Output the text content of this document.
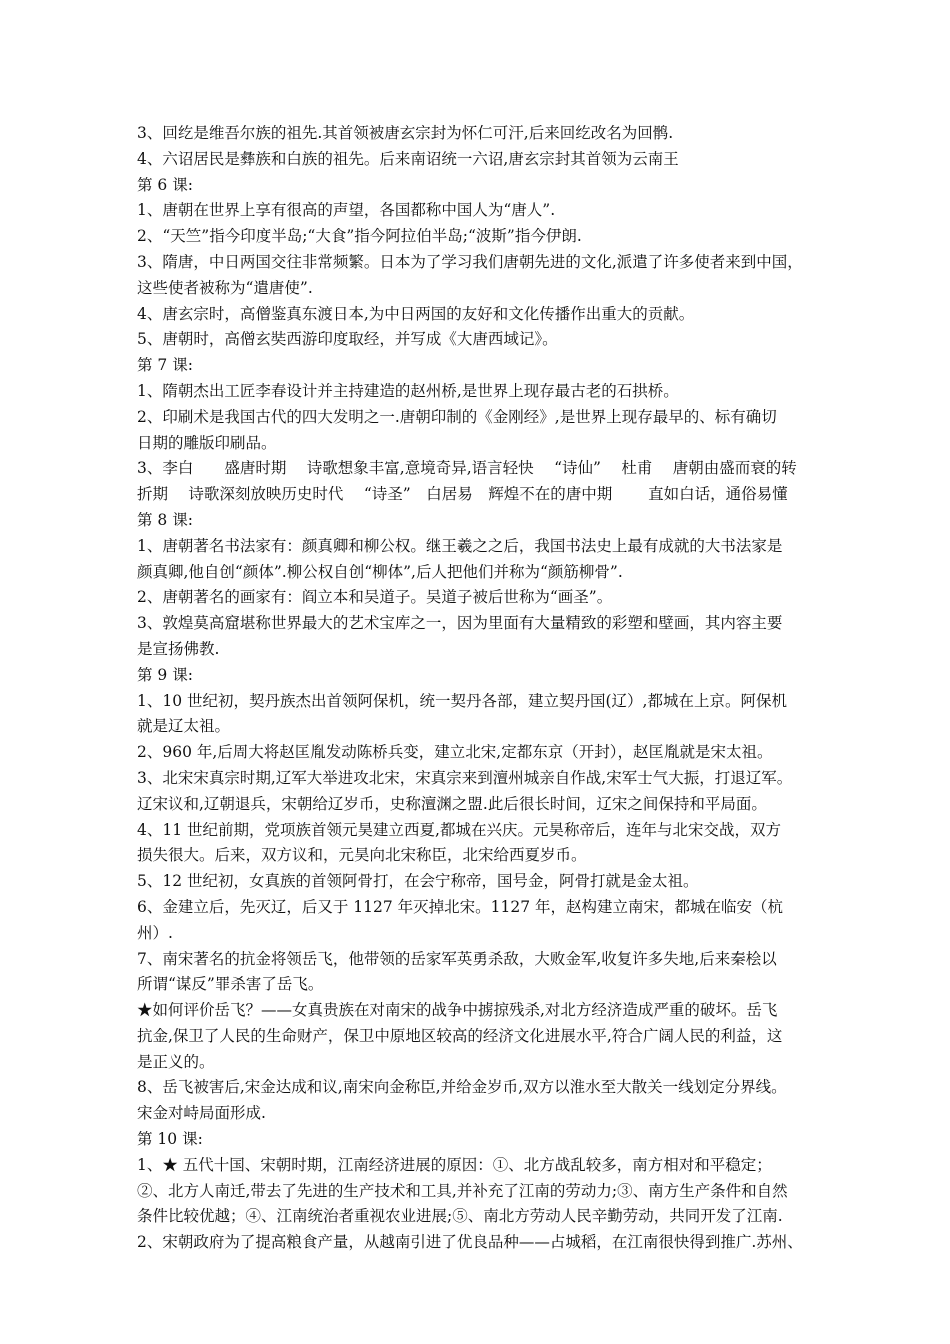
3、回纥是维吾尔族的祖先.其首领被唐玄宗封为怀仁可汗,后来回纥改名为回鹘.
4、六诏居民是彝族和白族的祖先。后来南诏统一六诏,唐玄宗封其首领为云南王
第 6 课:
1、唐朝在世界上享有很高的声望，各国都称中国人为“唐人”.
2、“天竺”指今印度半岛;“大食”指今阿拉伯半岛;“波斯”指今伊朗.
3、隋唐，中日两国交往非常频繁。日本为了学习我们唐朝先进的文化,派遣了许多使者来到中国，
这些使者被称为“遣唐使”.
4、唐玄宗时，高僧鉴真东渡日本,为中日两国的友好和文化传播作出重大的贡献。
5、唐朝时，高僧玄奘西游印度取经，并写成《大唐西域记》。
第 7 课:
1、隋朝杰出工匠李春设计并主持建造的赵州桥,是世界上现存最古老的石拱桥。
2、印刷术是我国古代的四大发明之一.唐朝印制的《金刚经》,是世界上现存最早的、标有确切
日期的雕版印刷品。
3、李白　　盛唐时期　 诗歌想象丰富,意境奇异,语言轻快　 “诗仙”　 杜甫　 唐朝由盛而衰的转
折期　 诗歌深刻放映历史时代　 “诗圣”　白居易　辉煌不在的唐中期　　 直如白话，通俗易懂
第 8 课:
1、唐朝著名书法家有：颜真卿和柳公权。继王羲之之后，我国书法史上最有成就的大书法家是
颜真卿,他自创“颜体”.柳公权自创“柳体”,后人把他们并称为“颜筋柳骨”.
2、唐朝著名的画家有：阎立本和吴道子。吴道子被后世称为“画圣”。
3、敦煌莫高窟堪称世界最大的艺术宝库之一，因为里面有大量精致的彩塑和壁画，其内容主要
是宣扬佛教.
第 9 课:
1、10 世纪初，契丹族杰出首领阿保机，统一契丹各部，建立契丹国(辽）,都城在上京。阿保机
就是辽太祖。
2、960 年,后周大将赵匡胤发动陈桥兵变，建立北宋,定都东京（开封），赵匡胤就是宋太祖。
3、北宋宋真宗时期,辽军大举进攻北宋，宋真宗来到澶州城亲自作战,宋军士气大振，打退辽军。
辽宋议和,辽朝退兵，宋朝给辽岁币，史称澶渊之盟.此后很长时间，辽宋之间保持和平局面。
4、11 世纪前期，党项族首领元昊建立西夏,都城在兴庆。元昊称帝后，连年与北宋交战，双方
损失很大。后来，双方议和，元昊向北宋称臣，北宋给西夏岁币。
5、12 世纪初，女真族的首领阿骨打，在会宁称帝，国号金，阿骨打就是金太祖。
6、金建立后，先灭辽，后又于 1127 年灭掉北宋。1127 年，赵构建立南宋，都城在临安（杭
州）.
7、南宋著名的抗金将领岳飞，他带领的岳家军英勇杀敌，大败金军,收复许多失地,后来秦桧以
所谓“谋反”罪杀害了岳飞。
★如何评价岳飞？——女真贵族在对南宋的战争中掳掠残杀,对北方经济造成严重的破坏。岳飞
抗金,保卫了人民的生命财产，保卫中原地区较高的经济文化进展水平,符合广阔人民的利益，这
是正义的。
8、岳飞被害后,宋金达成和议,南宋向金称臣,并给金岁币,双方以淮水至大散关一线划定分界线。
宋金对峙局面形成.
第 10 课:
1、★ 五代十国、宋朝时期，江南经济进展的原因：①、北方战乱较多，南方相对和平稳定；
②、北方人南迁,带去了先进的生产技术和工具,并补充了江南的劳动力;③、南方生产条件和自然
条件比较优越；④、江南统治者重视农业进展;⑤、南北方劳动人民辛勤劳动，共同开发了江南.
2、宋朝政府为了提高粮食产量，从越南引进了优良品种——占城稻，在江南很快得到推广.苏州、
